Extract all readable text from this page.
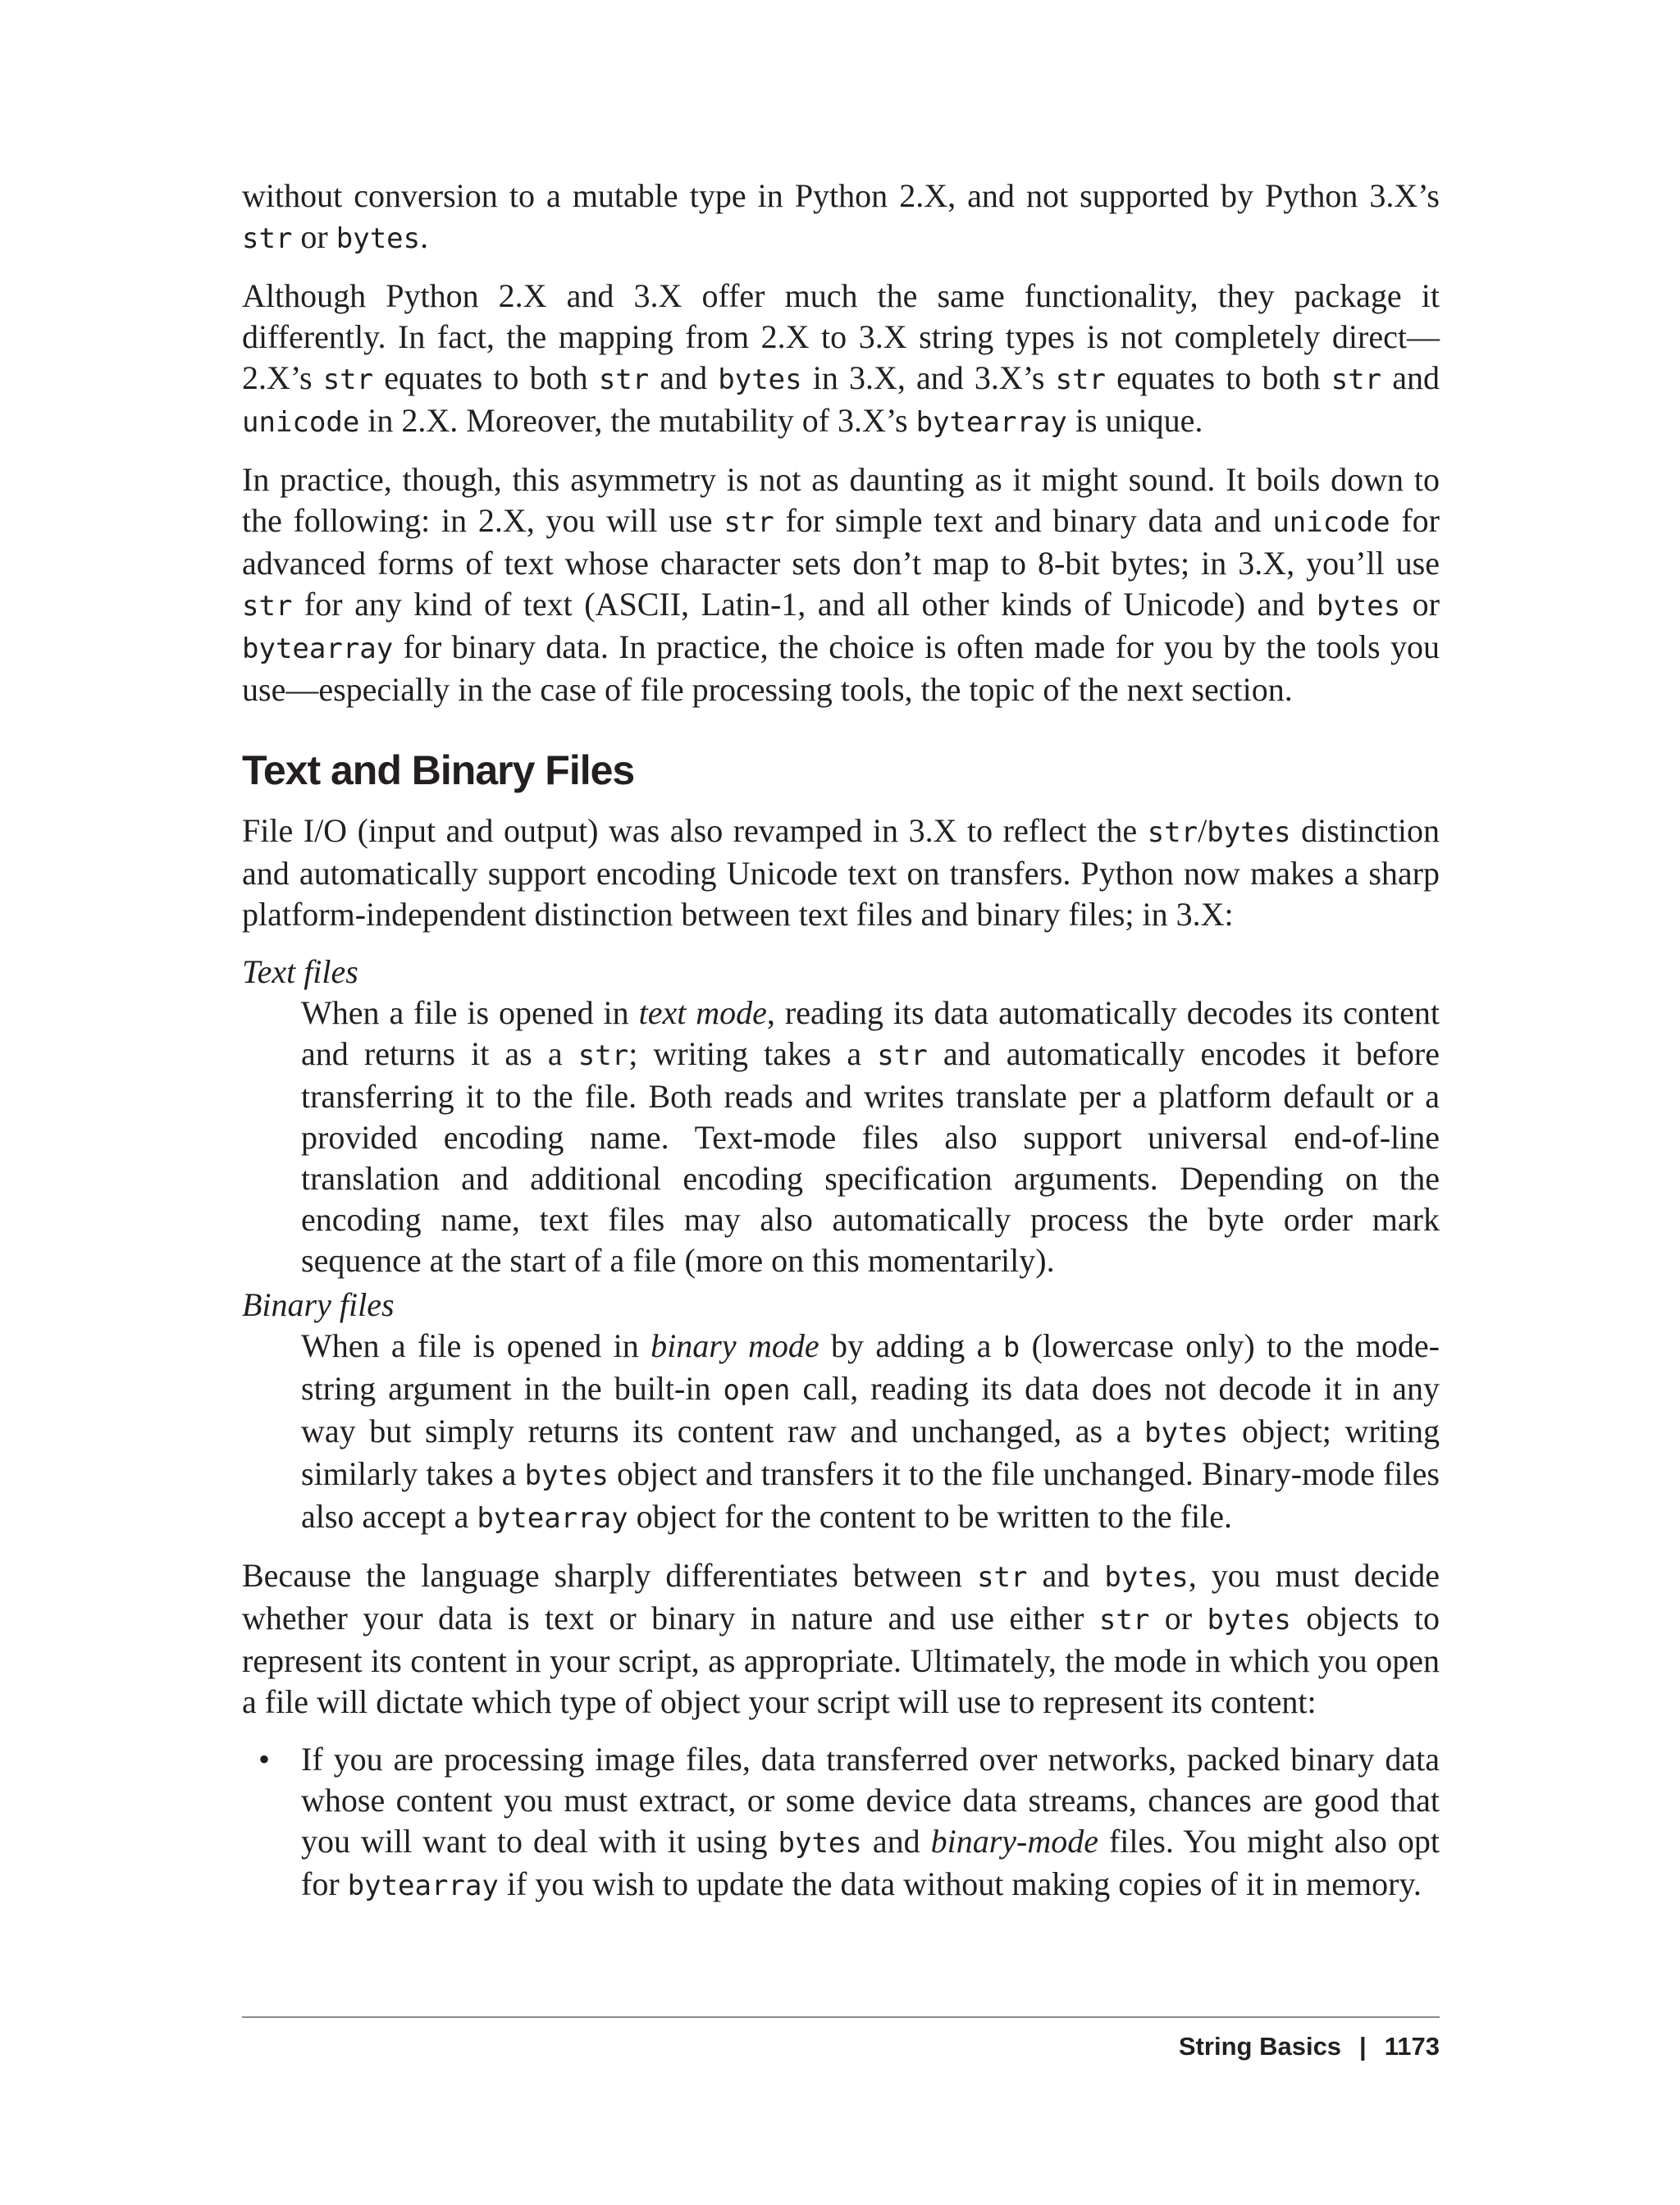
without conversion to a mutable type in Python 2.X, and not supported by Python 3.X’s str or bytes.

Although Python 2.X and 3.X offer much the same functionality, they package it differently. In fact, the mapping from 2.X to 3.X string types is not completely direct—2.X’s str equates to both str and bytes in 3.X, and 3.X’s str equates to both str and unicode in 2.X. Moreover, the mutability of 3.X’s bytearray is unique.

In practice, though, this asymmetry is not as daunting as it might sound. It boils down to the following: in 2.X, you will use str for simple text and binary data and unicode for advanced forms of text whose character sets don’t map to 8-bit bytes; in 3.X, you’ll use str for any kind of text (ASCII, Latin-1, and all other kinds of Unicode) and bytes or bytearray for binary data. In practice, the choice is often made for you by the tools you use—especially in the case of file processing tools, the topic of the next section.

Text and Binary Files

File I/O (input and output) was also revamped in 3.X to reflect the str/bytes distinction and automatically support encoding Unicode text on transfers. Python now makes a sharp platform-independent distinction between text files and binary files; in 3.X:

Text files
When a file is opened in text mode, reading its data automatically decodes its content and returns it as a str; writing takes a str and automatically encodes it before transferring it to the file. Both reads and writes translate per a platform default or a provided encoding name. Text-mode files also support universal end-of-line translation and additional encoding specification arguments. Depending on the encoding name, text files may also automatically process the byte order mark sequence at the start of a file (more on this momentarily).
Binary files
When a file is opened in binary mode by adding a b (lowercase only) to the mode-string argument in the built-in open call, reading its data does not decode it in any way but simply returns its content raw and unchanged, as a bytes object; writing similarly takes a bytes object and transfers it to the file unchanged. Binary-mode files also accept a bytearray object for the content to be written to the file.

Because the language sharply differentiates between str and bytes, you must decide whether your data is text or binary in nature and use either str or bytes objects to represent its content in your script, as appropriate. Ultimately, the mode in which you open a file will dictate which type of object your script will use to represent its content:

• If you are processing image files, data transferred over networks, packed binary data whose content you must extract, or some device data streams, chances are good that you will want to deal with it using bytes and binary-mode files. You might also opt for bytearray if you wish to update the data without making copies of it in memory.
String Basics | 1173
